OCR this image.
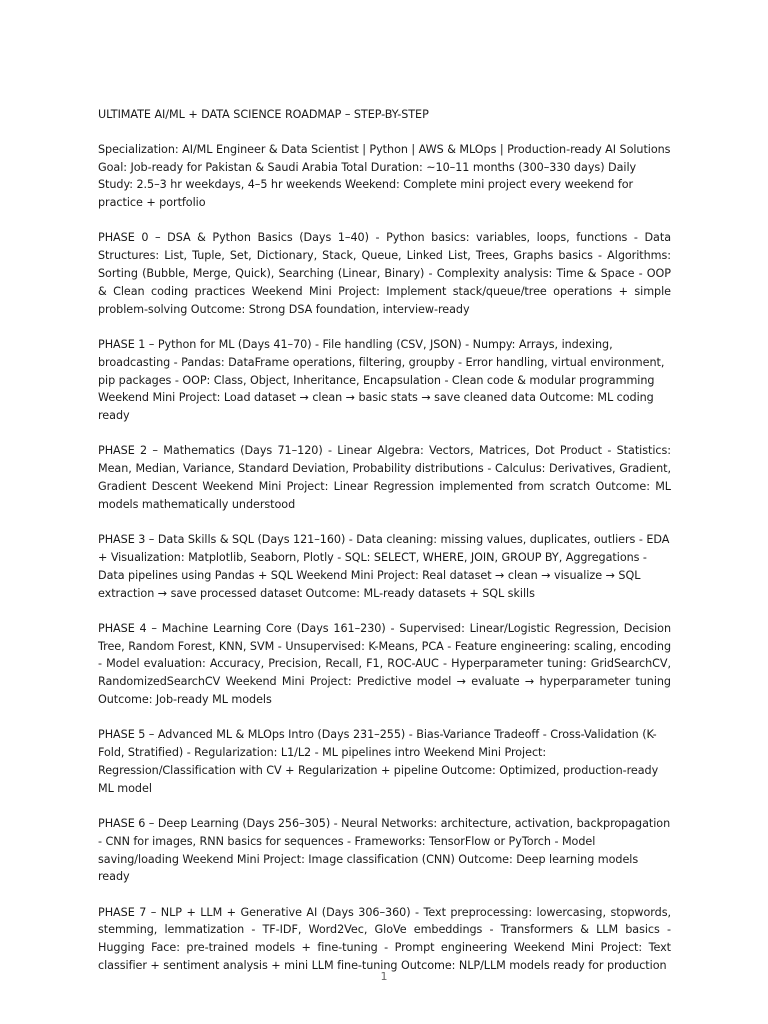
ULTIMATE AI/ML + DATA SCIENCE ROADMAP – STEP-BY-STEP

Specialization: AI/ML Engineer & Data Scientist | Python | AWS & MLOps | Production-ready AI Solutions Goal: Job-ready for Pakistan & Saudi Arabia Total Duration: ~10–11 months (300–330 days) Daily Study: 2.5–3 hr weekdays, 4–5 hr weekends Weekend: Complete mini project every weekend for practice + portfolio

PHASE 0 – DSA & Python Basics (Days 1–40) - Python basics: variables, loops, functions - Data Structures: List, Tuple, Set, Dictionary, Stack, Queue, Linked List, Trees, Graphs basics - Algorithms: Sorting (Bubble, Merge, Quick), Searching (Linear, Binary) - Complexity analysis: Time & Space - OOP & Clean coding practices Weekend Mini Project: Implement stack/queue/tree operations + simple problem-solving Outcome: Strong DSA foundation, interview-ready

PHASE 1 – Python for ML (Days 41–70) - File handling (CSV, JSON) - Numpy: Arrays, indexing, broadcasting - Pandas: DataFrame operations, filtering, groupby - Error handling, virtual environment, pip packages - OOP: Class, Object, Inheritance, Encapsulation - Clean code & modular programming Weekend Mini Project: Load dataset → clean → basic stats → save cleaned data Outcome: ML coding ready

PHASE 2 – Mathematics (Days 71–120) - Linear Algebra: Vectors, Matrices, Dot Product - Statistics: Mean, Median, Variance, Standard Deviation, Probability distributions - Calculus: Derivatives, Gradient, Gradient Descent Weekend Mini Project: Linear Regression implemented from scratch Outcome: ML models mathematically understood

PHASE 3 – Data Skills & SQL (Days 121–160) - Data cleaning: missing values, duplicates, outliers - EDA + Visualization: Matplotlib, Seaborn, Plotly - SQL: SELECT, WHERE, JOIN, GROUP BY, Aggregations - Data pipelines using Pandas + SQL Weekend Mini Project: Real dataset → clean → visualize → SQL extraction → save processed dataset Outcome: ML-ready datasets + SQL skills

PHASE 4 – Machine Learning Core (Days 161–230) - Supervised: Linear/Logistic Regression, Decision Tree, Random Forest, KNN, SVM - Unsupervised: K-Means, PCA - Feature engineering: scaling, encoding - Model evaluation: Accuracy, Precision, Recall, F1, ROC-AUC - Hyperparameter tuning: GridSearchCV, RandomizedSearchCV Weekend Mini Project: Predictive model → evaluate → hyperparameter tuning Outcome: Job-ready ML models

PHASE 5 – Advanced ML & MLOps Intro (Days 231–255) - Bias-Variance Tradeoff - Cross-Validation (K-Fold, Stratified) - Regularization: L1/L2 - ML pipelines intro Weekend Mini Project: Regression/Classification with CV + Regularization + pipeline Outcome: Optimized, production-ready ML model

PHASE 6 – Deep Learning (Days 256–305) - Neural Networks: architecture, activation, backpropagation - CNN for images, RNN basics for sequences - Frameworks: TensorFlow or PyTorch - Model saving/loading Weekend Mini Project: Image classification (CNN) Outcome: Deep learning models ready

PHASE 7 – NLP + LLM + Generative AI (Days 306–360) - Text preprocessing: lowercasing, stopwords, stemming, lemmatization - TF-IDF, Word2Vec, GloVe embeddings - Transformers & LLM basics - Hugging Face: pre-trained models + fine-tuning - Prompt engineering Weekend Mini Project: Text classifier + sentiment analysis + mini LLM fine-tuning Outcome: NLP/LLM models ready for production

1
